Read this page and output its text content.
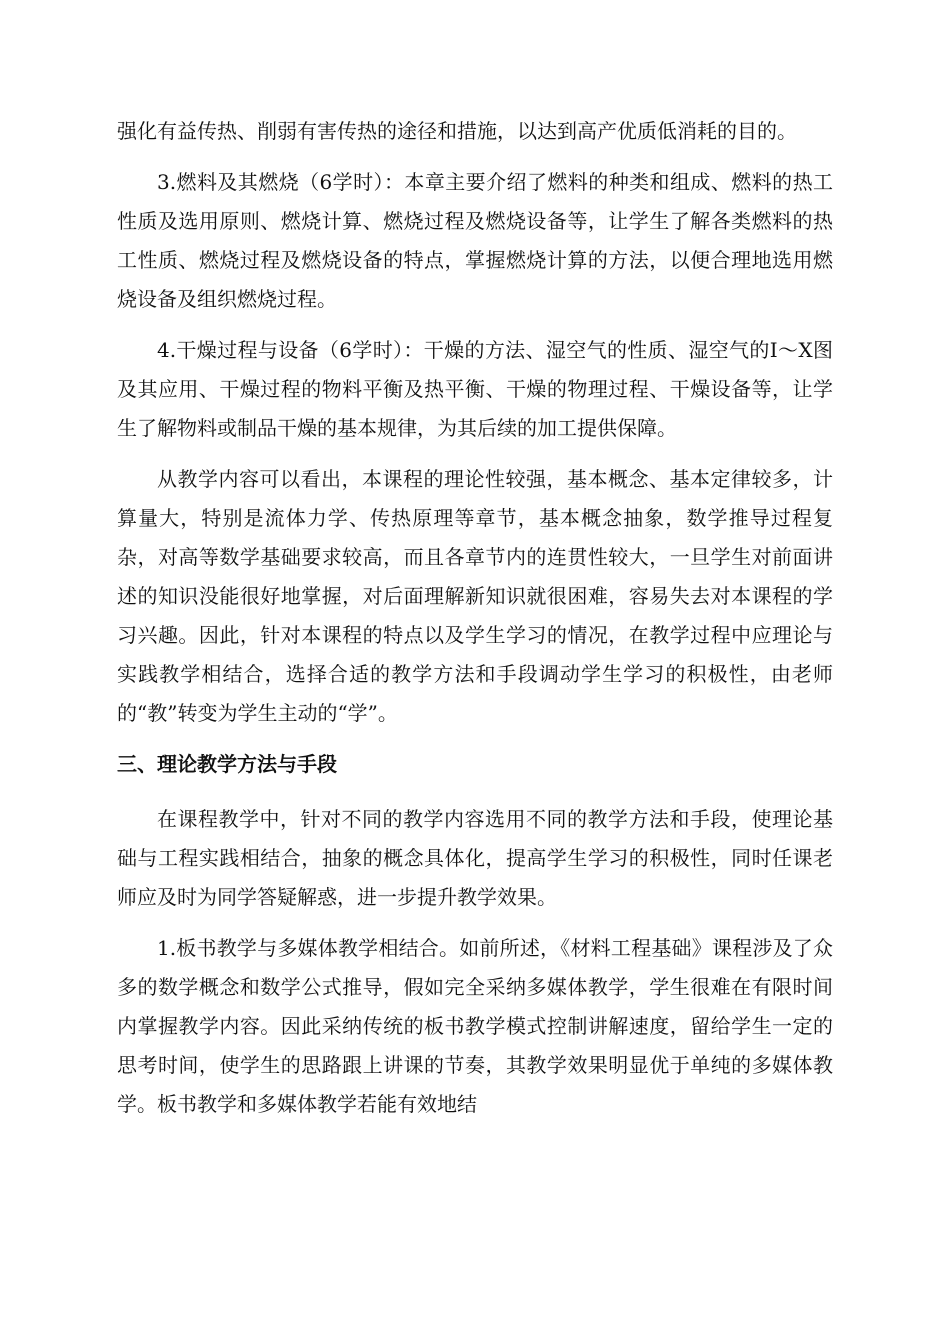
强化有益传热、削弱有害传热的途径和措施，以达到高产优质低消耗的目的。

3.燃料及其燃烧（6学时）：本章主要介绍了燃料的种类和组成、燃料的热工性质及选用原则、燃烧计算、燃烧过程及燃烧设备等，让学生了解各类燃料的热工性质、燃烧过程及燃烧设备的特点，掌握燃烧计算的方法，以便合理地选用燃烧设备及组织燃烧过程。

4.干燥过程与设备（6学时）：干燥的方法、湿空气的性质、湿空气的Ⅰ～X图及其应用、干燥过程的物料平衡及热平衡、干燥的物理过程、干燥设备等，让学生了解物料或制品干燥的基本规律，为其后续的加工提供保障。

从教学内容可以看出，本课程的理论性较强，基本概念、基本定律较多，计算量大，特别是流体力学、传热原理等章节，基本概念抽象，数学推导过程复杂，对高等数学基础要求较高，而且各章节内的连贯性较大，一旦学生对前面讲述的知识没能很好地掌握，对后面理解新知识就很困难，容易失去对本课程的学习兴趣。因此，针对本课程的特点以及学生学习的情况，在教学过程中应理论与实践教学相结合，选择合适的教学方法和手段调动学生学习的积极性，由老师的“教”转变为学生主动的“学”。

三、理论教学方法与手段

在课程教学中，针对不同的教学内容选用不同的教学方法和手段，使理论基础与工程实践相结合，抽象的概念具体化，提高学生学习的积极性，同时任课老师应及时为同学答疑解惑，进一步提升教学效果。

1.板书教学与多媒体教学相结合。如前所述，《材料工程基础》课程涉及了众多的数学概念和数学公式推导，假如完全采纳多媒体教学，学生很难在有限时间内掌握教学内容。因此采纳传统的板书教学模式控制讲解速度，留给学生一定的思考时间，使学生的思路跟上讲课的节奏，其教学效果明显优于单纯的多媒体教学。板书教学和多媒体教学若能有效地结
